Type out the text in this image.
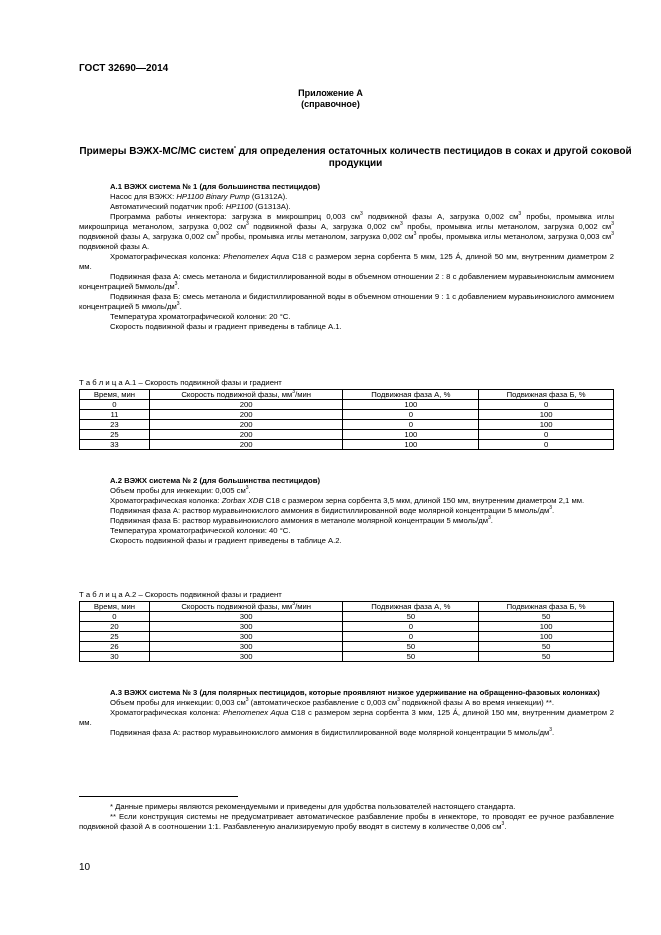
ГОСТ 32690—2014
Приложение А
(справочное)
Примеры ВЭЖХ-МС/МС систем* для определения остаточных количеств пестицидов в соках и другой соковой продукции

А.1 ВЭЖХ система № 1 (для большинства пестицидов)

Насос для ВЭЖХ: HP1100 Binary Pump (G1312A).

Автоматический податчик проб: HP1100 (G1313A).

Программа работы инжектора: загрузка в микрошприц 0,003 $см^3$ подвижной фазы А, загрузка 0,002 $см^3$ пробы, промывка иглы микрошприца метанолом, загрузка 0,002 $см^3$ подвижной фазы А, загрузка 0,002 $см^3$ пробы, промывка иглы метанолом, загрузка 0,002 $см^3$ подвижной фазы А, загрузка 0,002 $см^3$ пробы, промывка иглы метанолом, загрузка 0,002 $см^3$ пробы, промывка иглы метанолом, загрузка 0,003 $см^3$ подвижной фазы А.

Хроматографическая колонка: Phenomenex Aqua C18 с размером зерна сорбента 5 мкм, 125 Á, длиной 50 мм, внутренним диаметром 2 мм.

Подвижная фаза А: смесь метанола и бидистиллированной воды в объемном отношении 2 : 8 с добавлением муравьинокислым аммонием концентрацией $5ммоль/дм^3$.

Подвижная фаза Б: смесь метанола и бидистиллированной воды в объемном отношении 9 : 1 с добавлением муравьинокислого аммонием концентрацией 5 ммоль/$дм^3$.

Температура хроматографической колонки: 20 °С.

Скорость подвижной фазы и градиент приведены в таблице А.1.

Т а б л и ц а А.1 – Скорость подвижной фазы и градиент
Время, мин	Скорость подвижной фазы, $мм^3$/мин	Подвижная фаза А, %	Подвижная фаза Б, %
0	200	100	0
11	200	0	100
23	200	0	100
25	200	100	0
33	200	100	0

А.2 ВЭЖХ система № 2 (для большинства пестицидов)

Объем пробы для инжекции: 0,005 $см^3$.

Хроматографическая колонка: Zorbax XDB C18 с размером зерна сорбента 3,5 мкм, длиной 150 мм, внутренним диаметром 2,1 мм.

Подвижная фаза А: раствор муравьинокислого аммония в бидистиллированной воде молярной концентрации 5 ммоль/$дм^3$.

Подвижная фаза Б: раствор муравьинокислого аммония в метаноле молярной концентрации 5 ммоль/$дм^3$.

Температура хроматографической колонки: 40 °С.

Скорость подвижной фазы и градиент приведены в таблице А.2.

Т а б л и ц а А.2 – Скорость подвижной фазы и градиент
Время, мин	Скорость подвижной фазы, $мм^3$/мин	Подвижная фаза А, %	Подвижная фаза Б, %
0	300	50	50
20	300	0	100
25	300	0	100
26	300	50	50
30	300	50	50

А.3 ВЭЖХ система № 3 (для полярных пестицидов, которые проявляют низкое удерживание на обращенно-фазовых колонках)

Объем пробы для инжекции: 0,003 $см^3$ (автоматическое разбавление с 0,003 $см^3$ подвижной фазы А во время инжекции) **.

Хроматографическая колонка: Phenomenex Aqua C18 с размером зерна сорбента 3 мкм, 125 Á, длиной 150 мм, внутренним диаметром 2 мм.

Подвижная фаза А: раствор муравьинокислого аммония в бидистиллированной воде молярной концентрации 5 ммоль/$дм^3$.

* Данные примеры являются рекомендуемыми и приведены для удобства пользователей настоящего стандарта.

** Если конструкция системы не предусматривает автоматическое разбавление пробы в инжекторе, то проводят ее ручное разбавление подвижной фазой А в соотношении 1:1. Разбавленную анализируемую пробу вводят в систему в количестве 0,006 $см^3$.

10
